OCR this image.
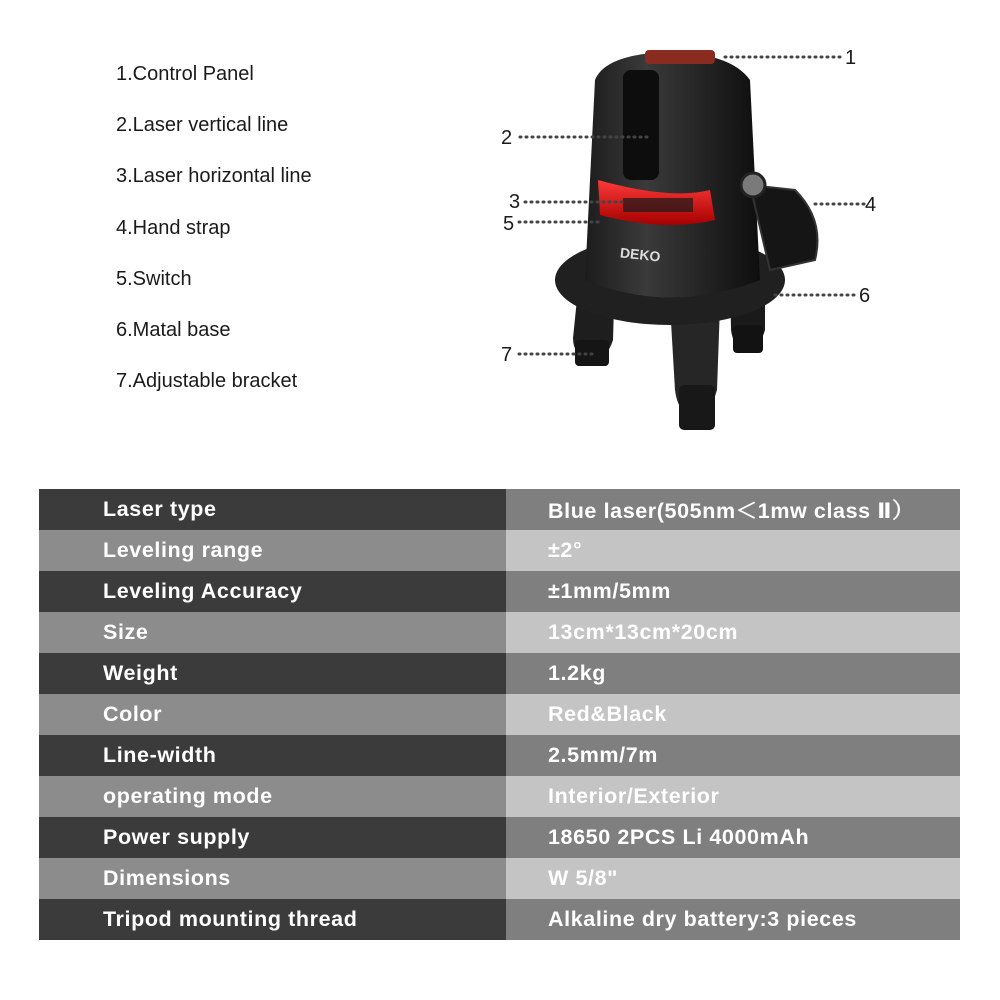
1.Control Panel
2.Laser vertical line
3.Laser horizontal line
4.Hand strap
5.Switch
6.Matal base
7.Adjustable bracket
DEKO
1
2
3	4
5
6
7
Laser type	Blue laser(505nm＜1mw class Ⅱ）
Leveling range	±2°
Leveling Accuracy	±1mm/5mm
Size	13cm*13cm*20cm
Weight	1.2kg
Color	Red&Black
Line-width	2.5mm/7m
operating mode	Interior/Exterior
Power supply	18650 2PCS Li 4000mAh
Dimensions	W 5/8"
Tripod mounting thread	Alkaline dry battery:3 pieces
